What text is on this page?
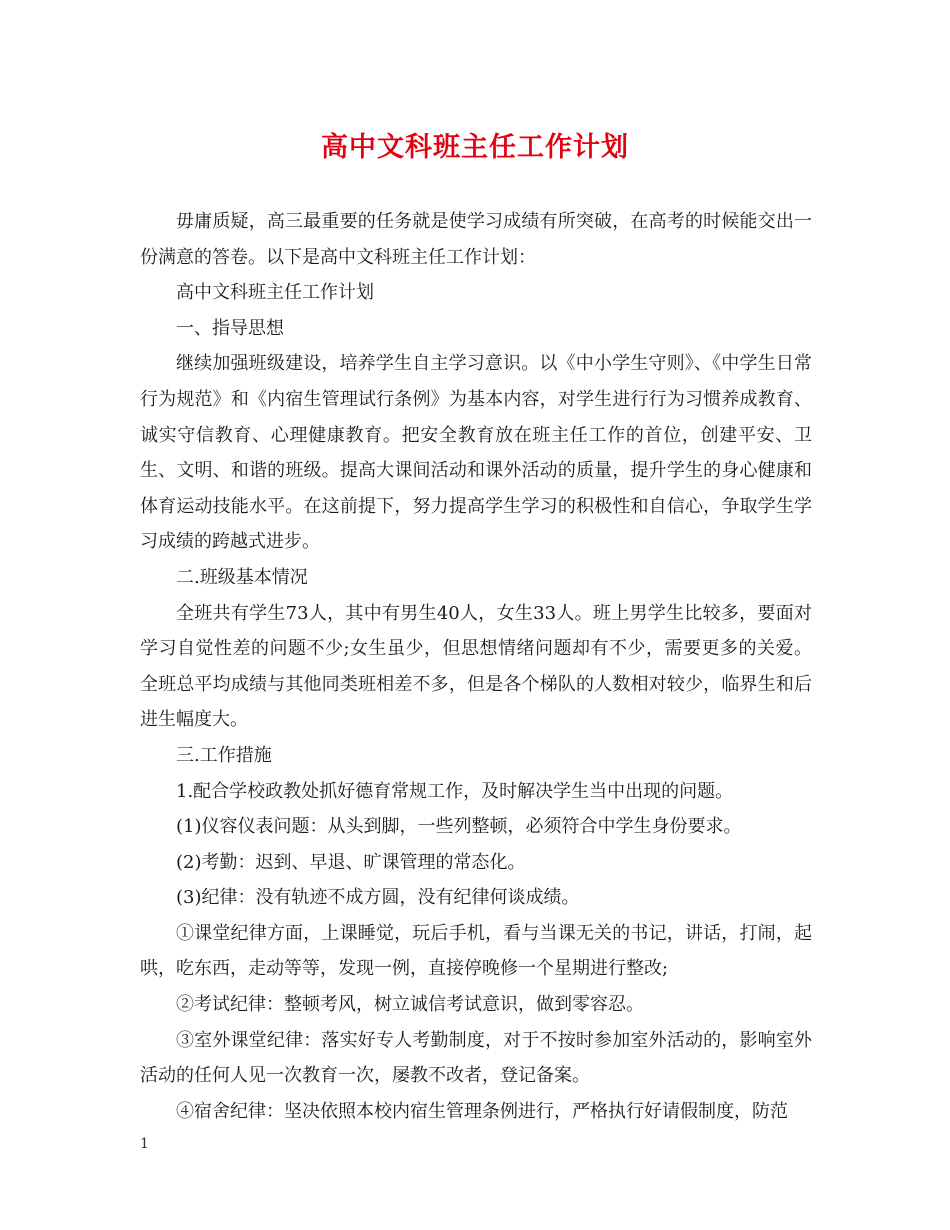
高中文科班主任工作计划

毋庸质疑，高三最重要的任务就是使学习成绩有所突破，在高考的时候能交出一份满意的答卷。以下是高中文科班主任工作计划：

高中文科班主任工作计划

一、指导思想

继续加强班级建设，培养学生自主学习意识。以《中小学生守则》、《中学生日常行为规范》和《内宿生管理试行条例》为基本内容，对学生进行行为习惯养成教育、诚实守信教育、心理健康教育。把安全教育放在班主任工作的首位，创建平安、卫生、文明、和谐的班级。提高大课间活动和课外活动的质量，提升学生的身心健康和体育运动技能水平。在这前提下，努力提高学生学习的积极性和自信心，争取学生学习成绩的跨越式进步。

二.班级基本情况

全班共有学生73人，其中有男生40人，女生33人。班上男学生比较多，要面对学习自觉性差的问题不少;女生虽少，但思想情绪问题却有不少，需要更多的关爱。全班总平均成绩与其他同类班相差不多，但是各个梯队的人数相对较少，临界生和后进生幅度大。

三.工作措施

1.配合学校政教处抓好德育常规工作，及时解决学生当中出现的问题。

(1)仪容仪表问题：从头到脚，一些列整顿，必须符合中学生身份要求。

(2)考勤：迟到、早退、旷课管理的常态化。

(3)纪律：没有轨迹不成方圆，没有纪律何谈成绩。

①课堂纪律方面，上课睡觉，玩后手机，看与当课无关的书记，讲话，打闹，起哄，吃东西，走动等等，发现一例，直接停晚修一个星期进行整改;

②考试纪律：整顿考风，树立诚信考试意识，做到零容忍。

③室外课堂纪律：落实好专人考勤制度，对于不按时参加室外活动的，影响室外活动的任何人见一次教育一次，屡教不改者，登记备案。

④宿舍纪律：坚决依照本校内宿生管理条例进行，严格执行好请假制度，防范

1
